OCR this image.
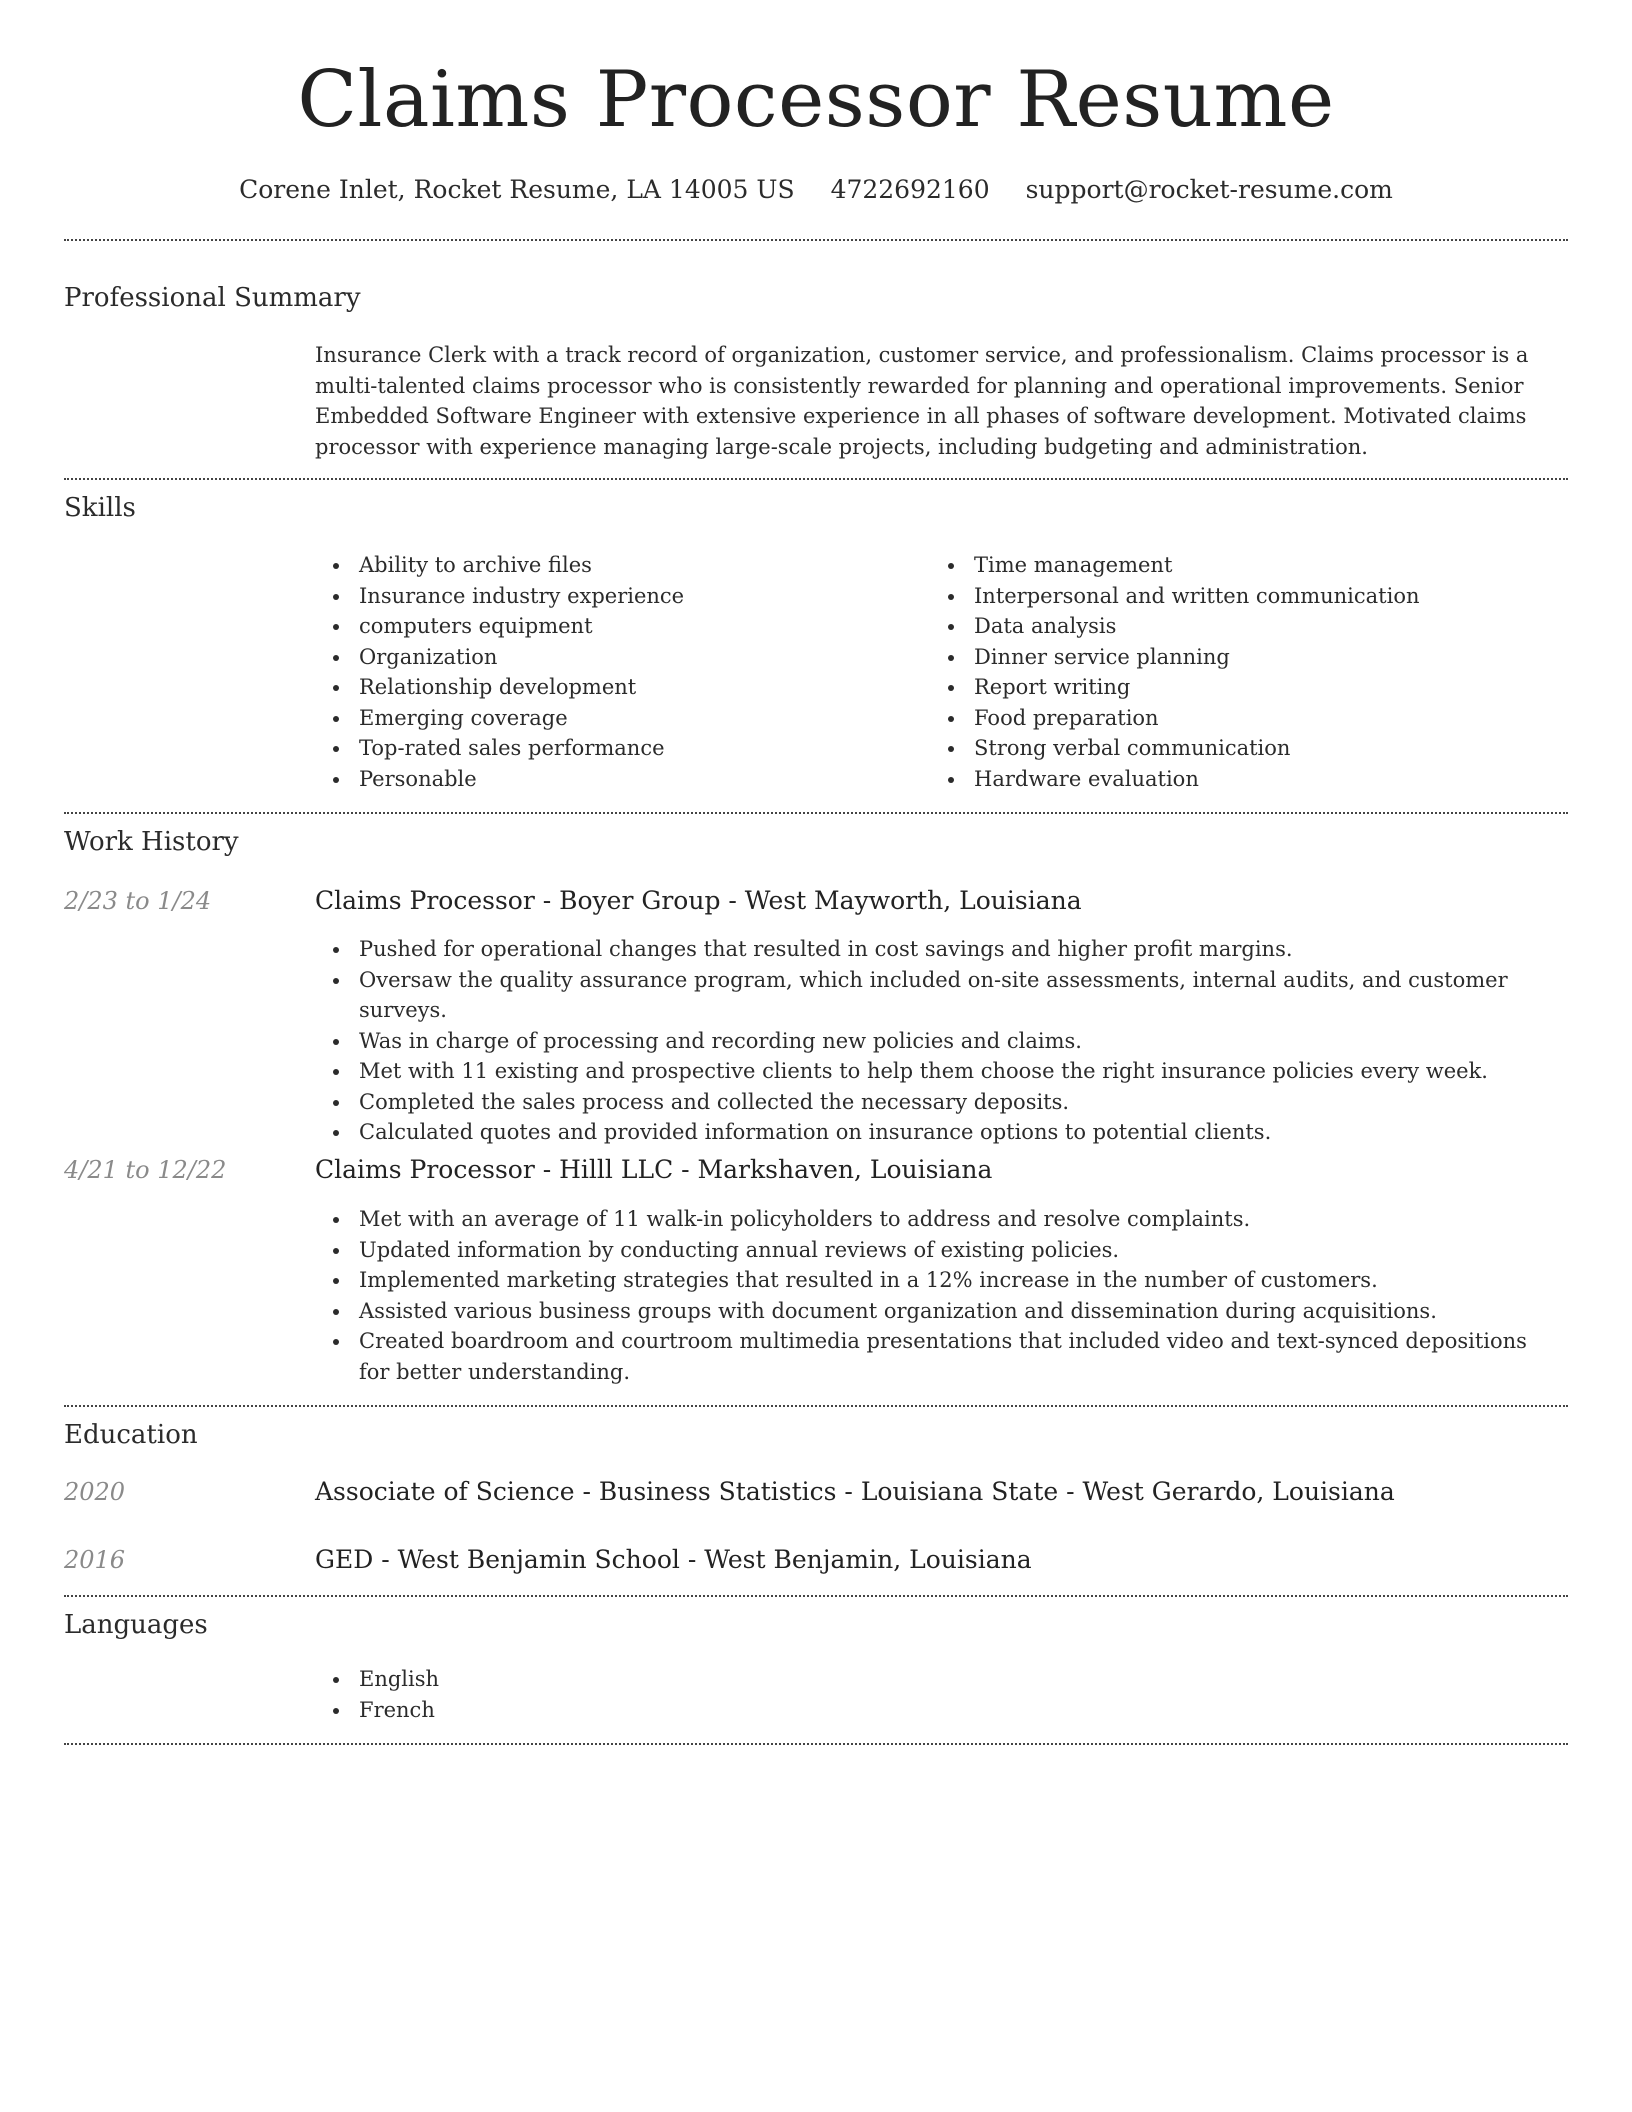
Claims Processor Resume
Corene Inlet, Rocket Resume, LA 14005 US 4722692160 support@rocket-resume.com
Professional Summary
Insurance Clerk with a track record of organization, customer service, and professionalism. Claims processor is a multi-talented claims processor who is consistently rewarded for planning and operational improvements. Senior Embedded Software Engineer with extensive experience in all phases of software development. Motivated claims processor with experience managing large-scale projects, including budgeting and administration.
Skills
Ability to archive files
Insurance industry experience
computers equipment
Organization
Relationship development
Emerging coverage
Top-rated sales performance
Personable
Time management
Interpersonal and written communication
Data analysis
Dinner service planning
Report writing
Food preparation
Strong verbal communication
Hardware evaluation
Work History
2/23 to 1/24	Claims Processor - Boyer Group - West Mayworth, Louisiana
Pushed for operational changes that resulted in cost savings and higher profit margins.
Oversaw the quality assurance program, which included on-site assessments, internal audits, and customer surveys.
Was in charge of processing and recording new policies and claims.
Met with 11 existing and prospective clients to help them choose the right insurance policies every week.
Completed the sales process and collected the necessary deposits.
Calculated quotes and provided information on insurance options to potential clients.
4/21 to 12/22	Claims Processor - Hilll LLC - Markshaven, Louisiana
Met with an average of 11 walk-in policyholders to address and resolve complaints.
Updated information by conducting annual reviews of existing policies.
Implemented marketing strategies that resulted in a 12% increase in the number of customers.
Assisted various business groups with document organization and dissemination during acquisitions.
Created boardroom and courtroom multimedia presentations that included video and text-synced depositions for better understanding.
Education
2020	Associate of Science - Business Statistics - Louisiana State - West Gerardo, Louisiana
2016	GED - West Benjamin School - West Benjamin, Louisiana
Languages
English
French
